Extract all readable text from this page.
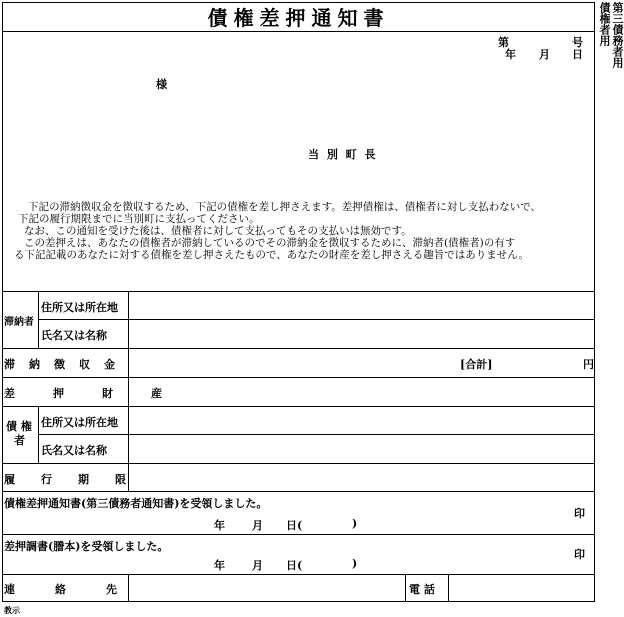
債権差押通知書	債権者用 第三債務者用
第	号
年 月 日
様
当 別 町 長
下記の滞納徴収金を徴収するため、下記の債権を差し押さえます。差押債権は、債権者に対し支払わないで、
下記の履行期限までに当別町に支払ってください。
なお、この通知を受けた後は、債権者に対して支払ってもその支払いは無効です。
この差押えは、あなたの債権者が滞納しているのでその滞納金を徴収するために、滞納者(債権者)の有す
る下記記載のあなたに対する債権を差し押さえたもので、あなたの財産を差し押さえる趣旨ではありません。
滞納者
住所又は所在地
氏名又は名称
滞納徴収金	[合計]	円
差押財産
債 権
者
住所又は所在地
氏名又は名称
履行期限
債権差押通知書(第三債務者通知書)を受領しました。
年 月 日(	)
印
差押調書(謄本)を受領しました。
年 月 日(	)
印
連絡先	電 話
教示
